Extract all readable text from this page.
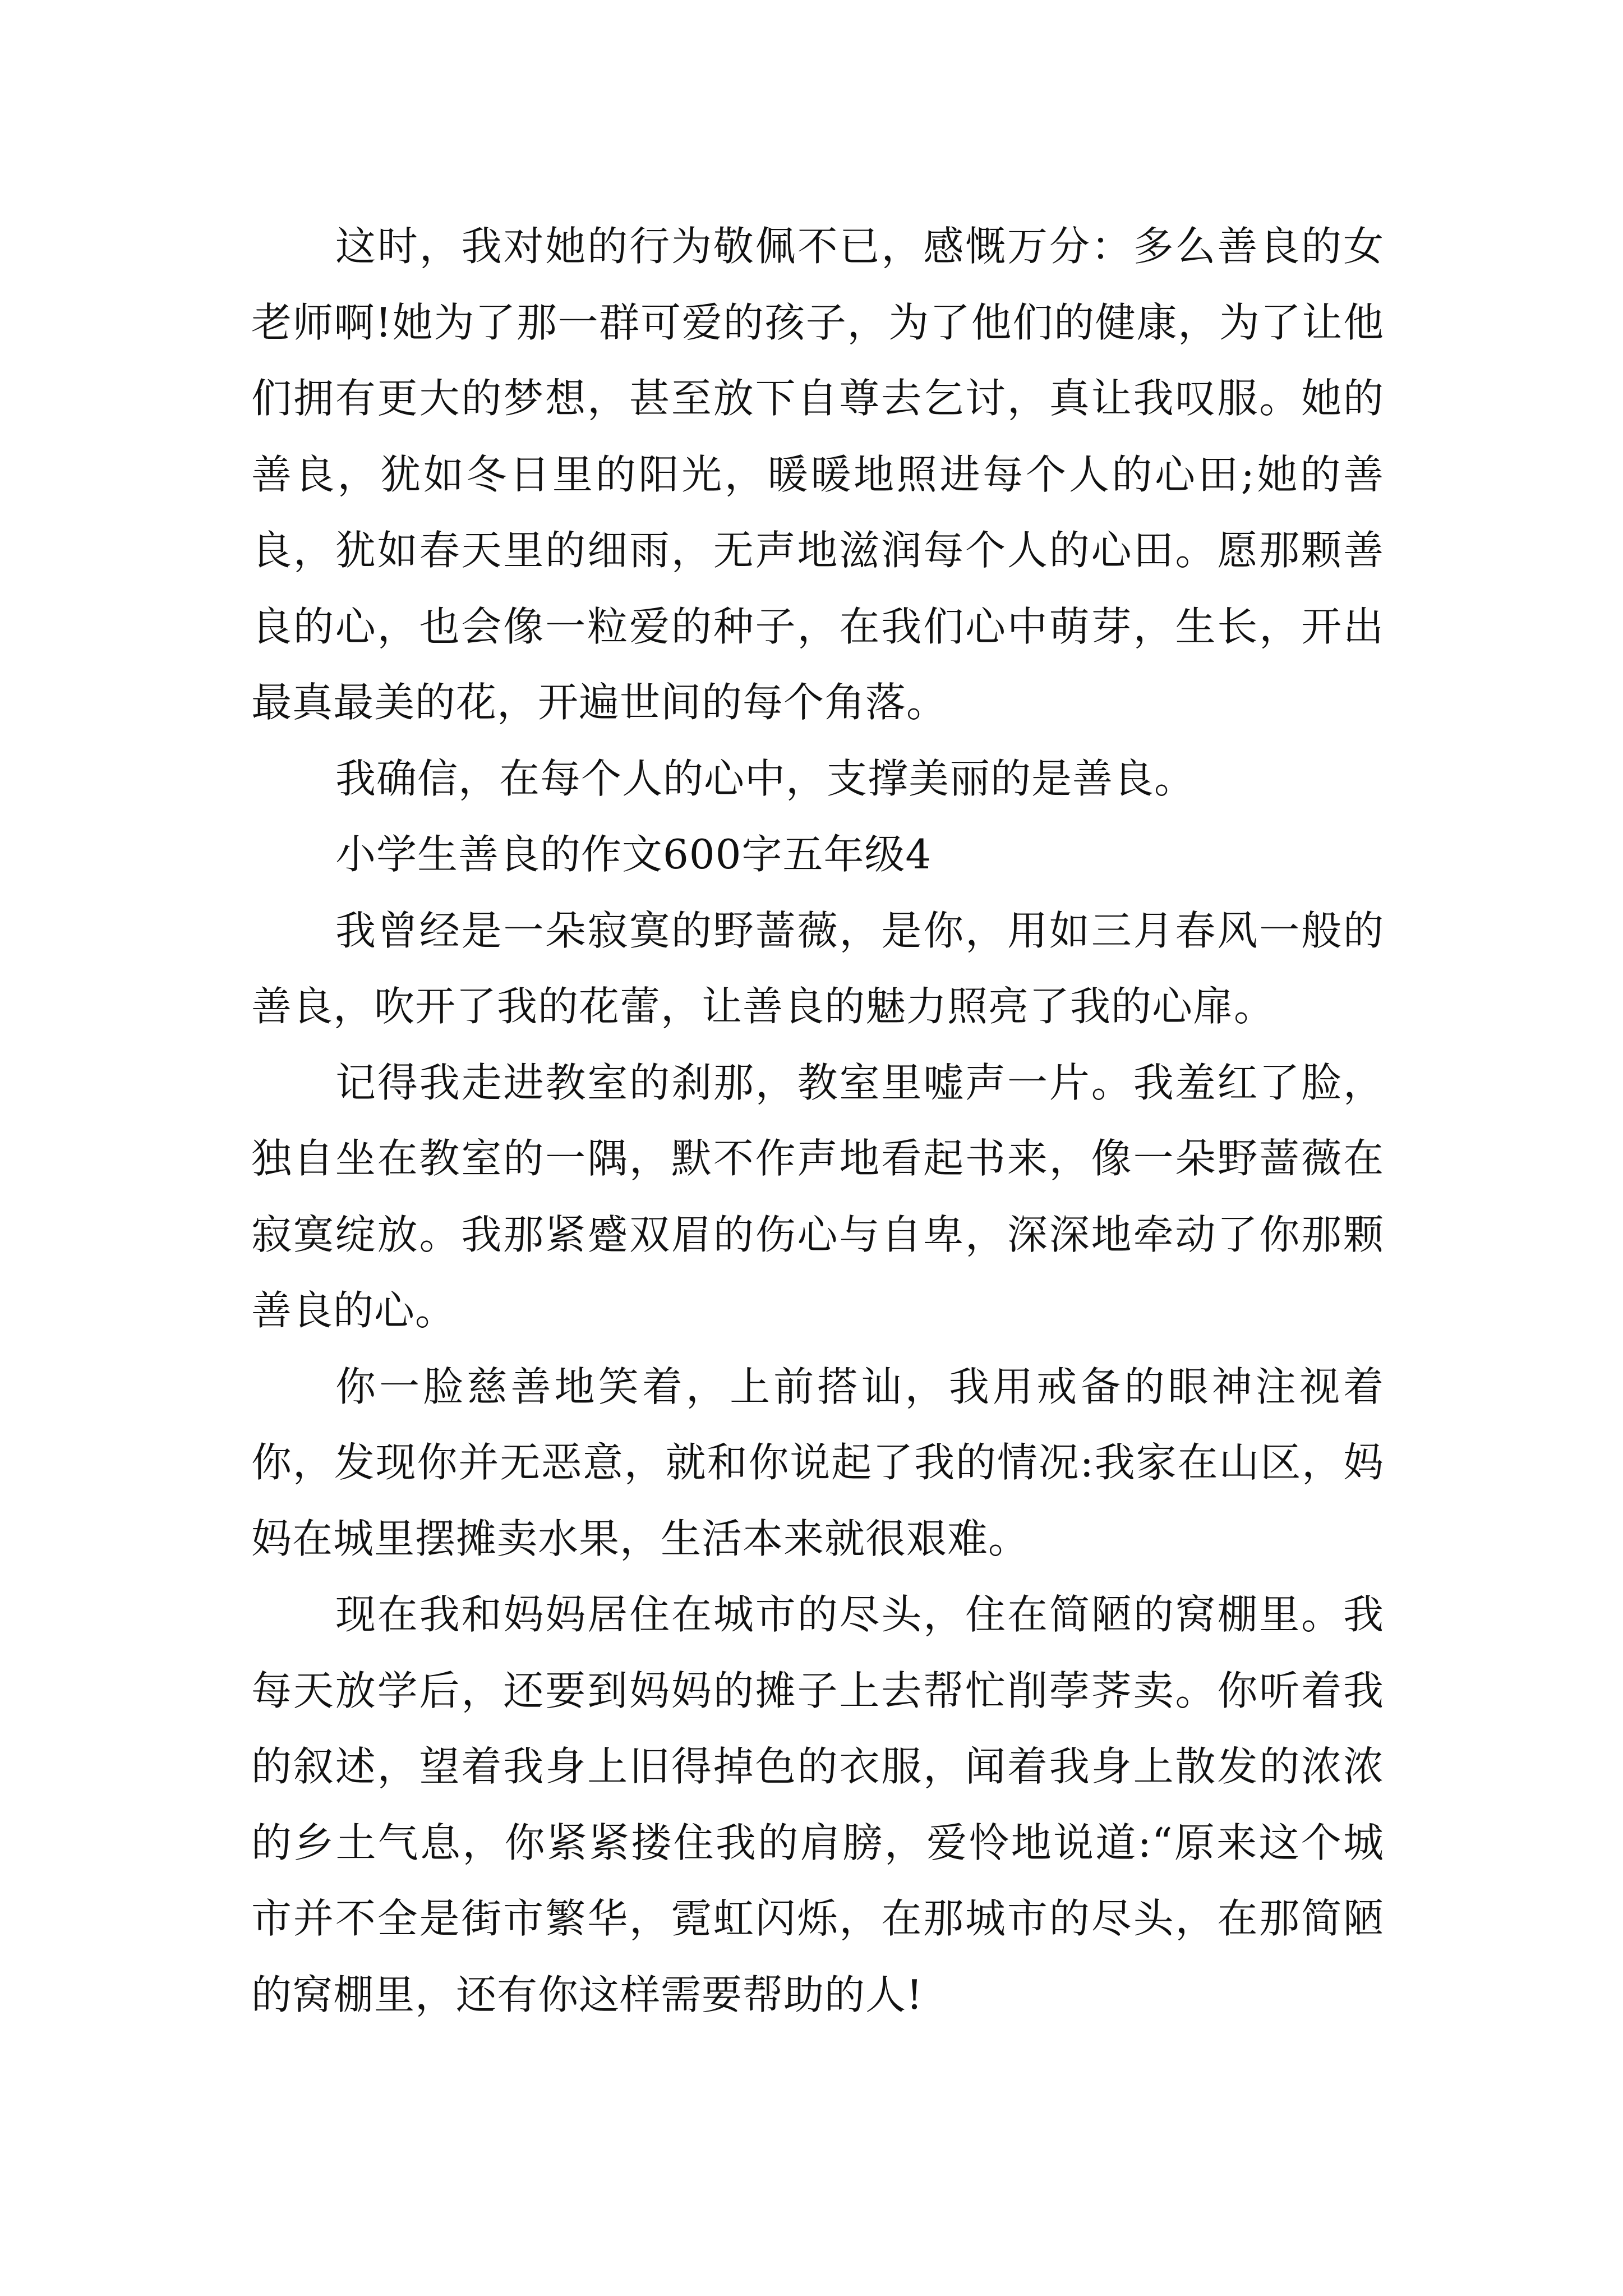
这时，我对她的行为敬佩不已，感慨万分：多么善良的女老师啊!她为了那一群可爱的孩子，为了他们的健康，为了让他们拥有更大的梦想，甚至放下自尊去乞讨，真让我叹服。她的善良，犹如冬日里的阳光，暖暖地照进每个人的心田;她的善良，犹如春天里的细雨，无声地滋润每个人的心田。愿那颗善良的心，也会像一粒爱的种子，在我们心中萌芽，生长，开出最真最美的花，开遍世间的每个角落。

我确信，在每个人的心中，支撑美丽的是善良。

小学生善良的作文600字五年级4

我曾经是一朵寂寞的野蔷薇，是你，用如三月春风一般的善良，吹开了我的花蕾，让善良的魅力照亮了我的心扉。

记得我走进教室的刹那，教室里嘘声一片。我羞红了脸，独自坐在教室的一隅，默不作声地看起书来，像一朵野蔷薇在寂寞绽放。我那紧蹙双眉的伤心与自卑，深深地牵动了你那颗善良的心。

你一脸慈善地笑着，上前搭讪，我用戒备的眼神注视着你，发现你并无恶意，就和你说起了我的情况:我家在山区，妈妈在城里摆摊卖水果，生活本来就很艰难。

现在我和妈妈居住在城市的尽头，住在简陋的窝棚里。我每天放学后，还要到妈妈的摊子上去帮忙削荸荠卖。你听着我的叙述，望着我身上旧得掉色的衣服，闻着我身上散发的浓浓的乡土气息，你紧紧搂住我的肩膀，爱怜地说道:“原来这个城市并不全是街市繁华，霓虹闪烁，在那城市的尽头，在那简陋的窝棚里，还有你这样需要帮助的人!
